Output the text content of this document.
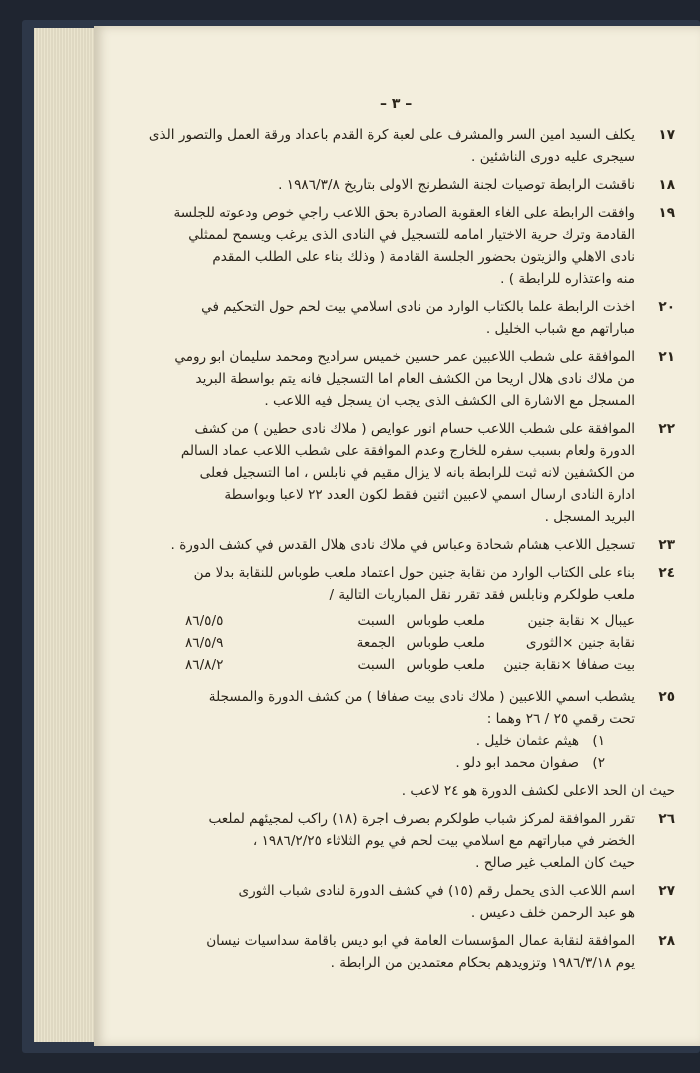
– ٣ –
١٧
يكلف السيد امين السر والمشرف على لعبة كرة القدم باعداد ورقة العمل والتصور الذى
سيجرى عليه دورى الناشئين .
١٨
ناقشت الرابطة توصيات لجنة الشطرنج الاولى بتاريخ ١٩٨٦/٣/٨ .
١٩
وافقت الرابطة على الغاء العقوبة الصادرة بحق اللاعب راجي خوص ودعوته للجلسة
القادمة وترك حرية الاختيار امامه للتسجيل في النادى الذى يرغب ويسمح لممثلي
نادى الاهلي والزيتون بحضور الجلسة القادمة ( وذلك بناء على الطلب المقدم
منه واعتذاره للرابطة ) .
٢٠
اخذت الرابطة علما بالكتاب الوارد من نادى اسلامي بيت لحم حول التحكيم في
مباراتهم مع شباب الخليل .
٢١
الموافقة على شطب اللاعبين عمر حسين خميس سراديح ومحمد سليمان ابو رومي
من ملاك نادى هلال اريحا من الكشف العام اما التسجيل فانه يتم بواسطة البريد
المسجل مع الاشارة الى الكشف الذى يجب ان يسجل فيه اللاعب .
٢٢
الموافقة على شطب اللاعب حسام انور عوايص ( ملاك نادى حطين ) من كشف
الدورة ولعام بسبب سفره للخارج وعدم الموافقة على شطب اللاعب عماد السالم
من الكشفين لانه ثبت للرابطة بانه لا يزال مقيم في نابلس ، اما التسجيل فعلى
ادارة النادى ارسال اسمي لاعبين اثنين فقط لكون العدد ٢٢ لاعبا وبواسطة
البريد المسجل .
٢٣
تسجيل اللاعب هشام شحادة وعباس في ملاك نادى هلال القدس في كشف الدورة .
٢٤
بناء على الكتاب الوارد من نقابة جنين حول اعتماد ملعب طوباس للنقابة بدلا من
ملعب طولكرم ونابلس فقد تقرر نقل المباريات التالية /
عيبال × نقابة جنين
ملعب طوباس
السبت
٨٦/٥/٥
نقابة جنين ×الثورى
ملعب طوباس
الجمعة
٨٦/٥/٩
بيت صفافا ×نقابة جنين
ملعب طوباس
السبت
٨٦/٨/٢
٢٥
يشطب اسمي اللاعبين ( ملاك نادى بيت صفافا ) من كشف الدورة والمسجلة
تحت رقمي ٢٥ / ٢٦ وهما :
١)
هيثم عثمان خليل .
٢)
صفوان محمد ابو دلو .
حيث ان الحد الاعلى لكشف الدورة هو ٢٤ لاعب .
٢٦
تقرر الموافقة لمركز شباب طولكرم بصرف اجرة (١٨) راكب لمجيئهم لملعب
الخضر في مباراتهم مع اسلامي بيت لحم في يوم الثلاثاء ١٩٨٦/٢/٢٥ ،
حيث كان الملعب غير صالح .
٢٧
اسم اللاعب الذى يحمل رقم (١٥) في كشف الدورة لنادى شباب الثورى
هو عبد الرحمن خلف دعيس .
٢٨
الموافقة لنقابة عمال المؤسسات العامة في ابو ديس باقامة سداسيات نيسان
يوم ١٩٨٦/٣/١٨ وتزويدهم بحكام معتمدين من الرابطة .
